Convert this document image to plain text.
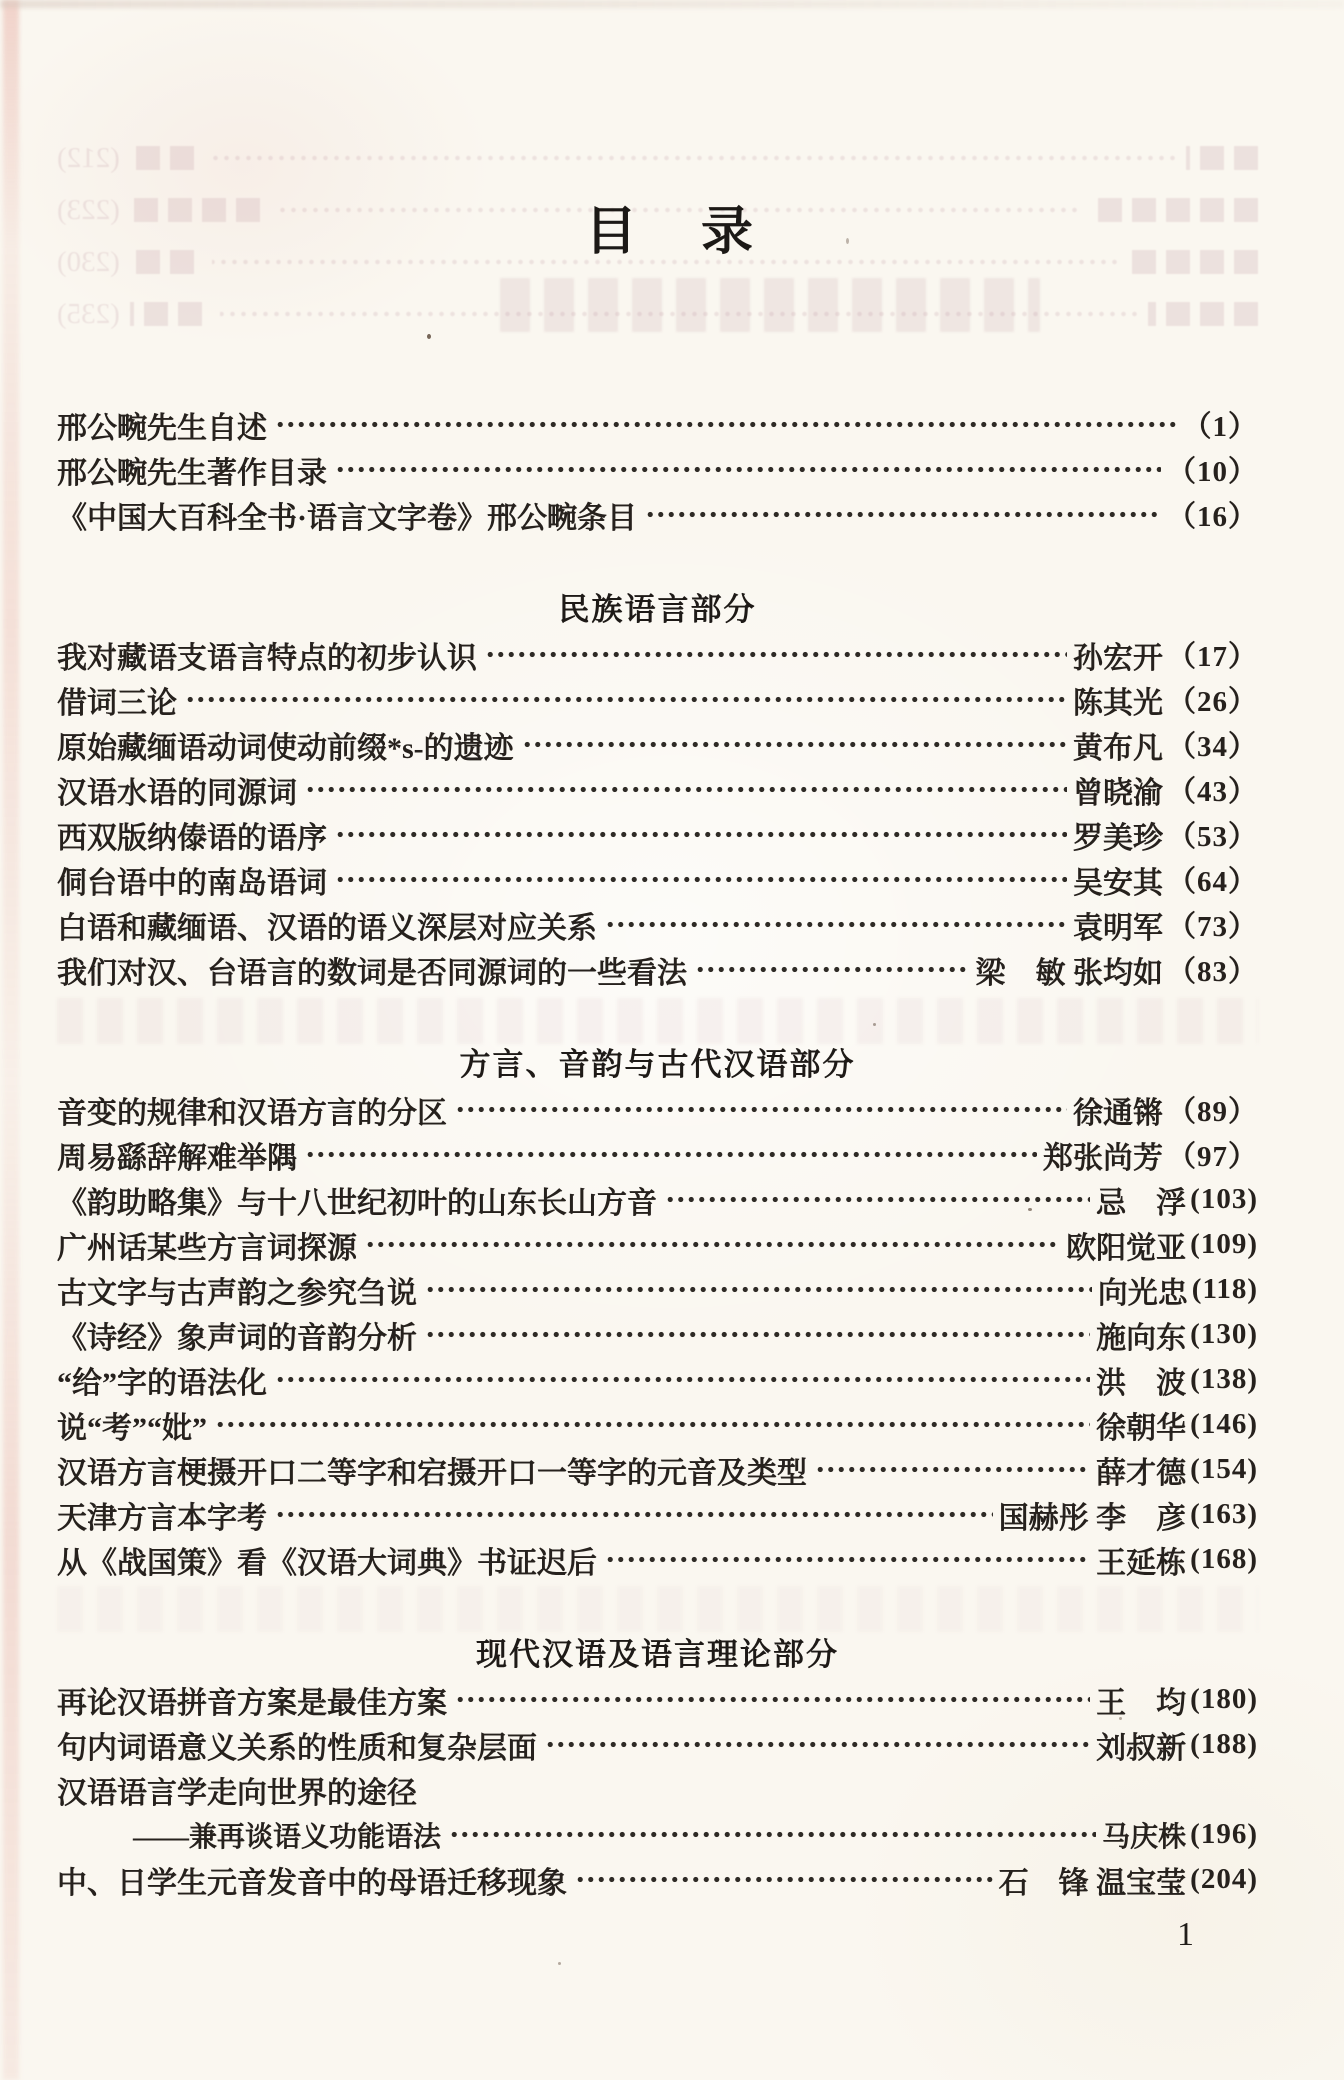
(212)
(223)
(230)
(235)
目　录
邢公畹先生自述	（1）
邢公畹先生著作目录	（10）
《中国大百科全书·语言文字卷》邢公畹条目	（16）
民族语言部分
我对藏语支语言特点的初步认识	孙宏开 （17）
借词三论	陈其光 （26）
原始藏缅语动词使动前缀*s-的遗迹	黄布凡 （34）
汉语水语的同源词	曾晓渝 （43）
西双版纳傣语的语序	罗美珍 （53）
侗台语中的南岛语词	吴安其 （64）
白语和藏缅语、汉语的语义深层对应关系	袁明军 （73）
我们对汉、台语言的数词是否同源词的一些看法	梁　敏 张均如 （83）
方言、音韵与古代汉语部分
音变的规律和汉语方言的分区	徐通锵 （89）
周易繇辞解难举隅	郑张尚芳 （97）
《韵助略集》与十八世纪初叶的山东长山方音	忌　浮 (103)
广州话某些方言词探源	欧阳觉亚 (109)
古文字与古声韵之参究刍说	向光忠 (118)
《诗经》象声词的音韵分析	施向东 (130)
“给”字的语法化	洪　波 (138)
说“考”“妣”	徐朝华 (146)
汉语方言梗摄开口二等字和宕摄开口一等字的元音及类型	薛才德 (154)
天津方言本字考	国赫彤 李　彦 (163)
从《战国策》看《汉语大词典》书证迟后	王延栋 (168)
现代汉语及语言理论部分
再论汉语拼音方案是最佳方案	王　均 (180)
句内词语意义关系的性质和复杂层面	刘叔新 (188)
汉语语言学走向世界的途径
——兼再谈语义功能语法	马庆株 (196)
中、日学生元音发音中的母语迁移现象	石　锋 温宝莹 (204)
1
